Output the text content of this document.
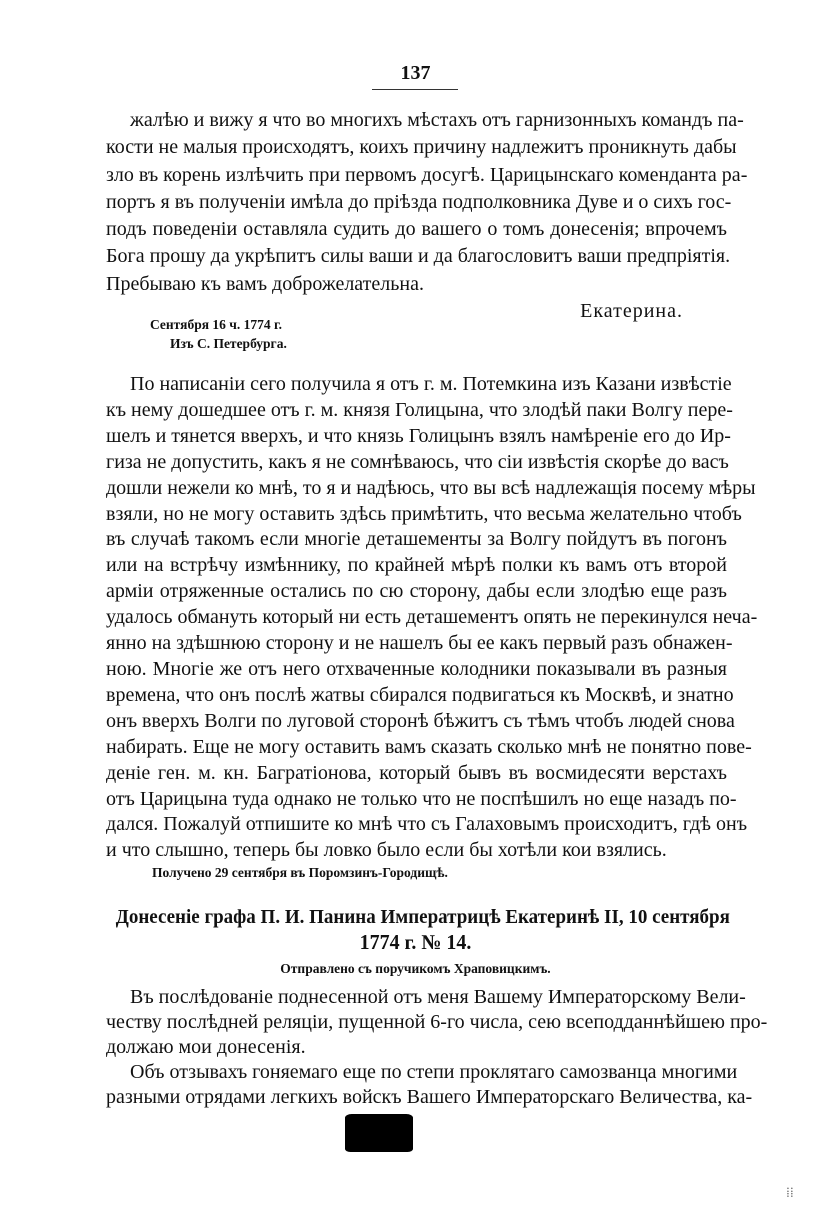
137
жалѣю и вижу я что во многихъ мѣстахъ отъ гарнизонныхъ командъ па-
кости не малыя происходятъ, коихъ причину надлежитъ проникнуть дабы
зло въ корень излѣчить при первомъ досугѣ. Царицынскаго коменданта ра-
портъ я въ полученіи имѣла до пріѣзда подполковника Дуве и о сихъ гос-
подъ поведеніи оставляла судить до вашего о томъ донесенія; впрочемъ
Бога прошу да укрѣпитъ силы ваши и да благословитъ ваши предпріятія.
Пребываю къ вамъ доброжелательна.
Екатерина.
Сентября 16 ч. 1774 г.
Изъ С. Петербурга.
По написаніи сего получила я отъ г. м. Потемкина изъ Казани извѣстіе
къ нему дошедшее отъ г. м. князя Голицына, что злодѣй паки Волгу пере-
шелъ и тянется вверхъ, и что князь Голицынъ взялъ намѣреніе его до Ир-
гиза не допустить, какъ я не сомнѣваюсь, что сіи извѣстія скорѣе до васъ
дошли нежели ко мнѣ, то я и надѣюсь, что вы всѣ надлежащія посему мѣры
взяли, но не могу оставить здѣсь примѣтить, что весьма желательно чтобъ
въ случаѣ такомъ если многіе деташементы за Волгу пойдутъ въ погонъ
или на встрѣчу измѣннику, по крайней мѣрѣ полки къ вамъ отъ второй
арміи отряженные остались по сю сторону, дабы если злодѣю еще разъ
удалось обмануть который ни есть деташементъ опять не перекинулся неча-
янно на здѣшнюю сторону и не нашелъ бы ее какъ первый разъ обнажен-
ною. Многіе же отъ него отхваченные колодники показывали въ разныя
времена, что онъ послѣ жатвы сбирался подвигаться къ Москвѣ, и знатно
онъ вверхъ Волги по луговой сторонѣ бѣжитъ съ тѣмъ чтобъ людей снова
набирать. Еще не могу оставить вамъ сказать сколько мнѣ не понятно пове-
деніе ген. м. кн. Багратіонова, который бывъ въ восмидесяти верстахъ
отъ Царицына туда однако не только что не поспѣшилъ но еще назадъ по-
дался. Пожалуй отпишите ко мнѣ что съ Галаховымъ происходитъ, гдѣ онъ
и что слышно, теперь бы ловко было если бы хотѣли кои взялись.
Получено 29 сентября въ Поромзинъ-Городищѣ.
Донесеніе графа П. И. Панина Императрицѣ Екатеринѣ II, 10 сентября
1774 г. № 14.
Отправлено съ поручикомъ Храповицкимъ.
Въ послѣдованіе поднесенной отъ меня Вашему Императорскому Вели-
честву послѣдней реляціи, пущенной 6-го числа, сею всеподданнѣйшею про-
должаю мои донесенія.
Объ отзывахъ гоняемаго еще по степи проклятаго самозванца многими
разными отрядами легкихъ войскъ Вашего Императорскаго Величества, ка-
⁞⁞
